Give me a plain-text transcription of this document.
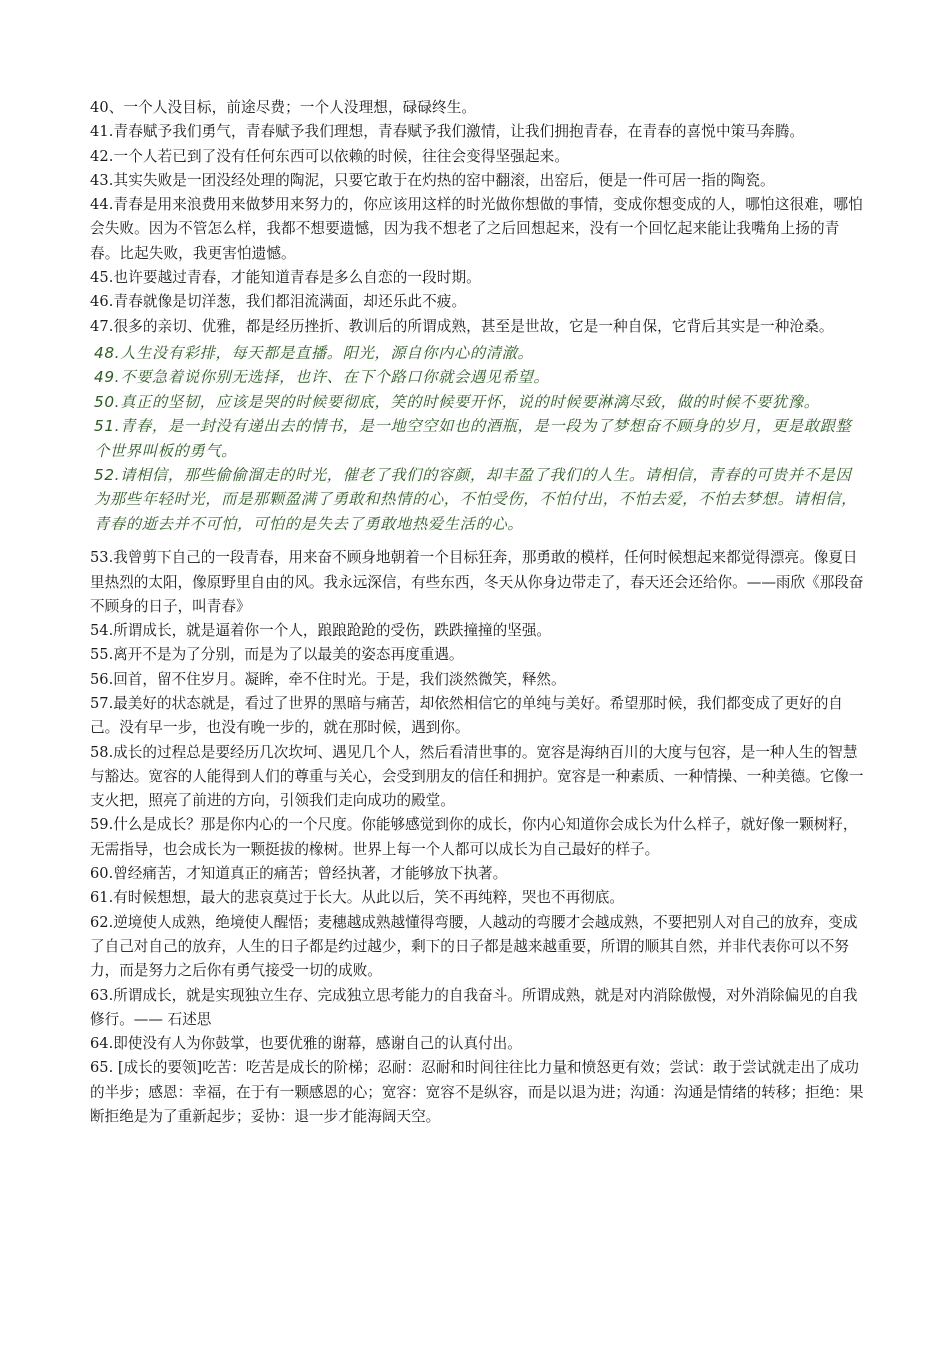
40、一个人没目标，前途尽费；一个人没理想，碌碌终生。

41.青春赋予我们勇气，青春赋予我们理想，青春赋予我们激情，让我们拥抱青春，在青春的喜悦中策马奔腾。

42.一个人若已到了没有任何东西可以依赖的时候，往往会变得坚强起来。

43.其实失败是一团没经处理的陶泥，只要它敢于在灼热的窑中翻滚，出窑后，便是一件可居一指的陶瓷。

44.青春是用来浪费用来做梦用来努力的，你应该用这样的时光做你想做的事情，变成你想变成的人，哪怕这很难，哪怕会失败。因为不管怎么样，我都不想要遗憾，因为我不想老了之后回想起来，没有一个回忆起来能让我嘴角上扬的青春。比起失败，我更害怕遗憾。

45.也许要越过青春，才能知道青春是多么自恋的一段时期。

46.青春就像是切洋葱，我们都泪流满面，却还乐此不疲。

47.很多的亲切、优雅，都是经历挫折、教训后的所谓成熟，甚至是世故，它是一种自保，它背后其实是一种沧桑。

48.人生没有彩排，每天都是直播。阳光，源自你内心的清澈。

49.不要急着说你别无选择，也许、在下个路口你就会遇见希望。

50.真正的坚韧，应该是哭的时候要彻底，笑的时候要开怀，说的时候要淋漓尽致，做的时候不要犹豫。

51.青春，是一封没有递出去的情书，是一地空空如也的酒瓶，是一段为了梦想奋不顾身的岁月，更是敢跟整个世界叫板的勇气。

52.请相信，那些偷偷溜走的时光，催老了我们的容颜，却丰盈了我们的人生。请相信，青春的可贵并不是因为那些年轻时光，而是那颗盈满了勇敢和热情的心，不怕受伤，不怕付出，不怕去爱，不怕去梦想。请相信，青春的逝去并不可怕，可怕的是失去了勇敢地热爱生活的心。

53.我曾剪下自己的一段青春，用来奋不顾身地朝着一个目标狂奔，那勇敢的模样，任何时候想起来都觉得漂亮。像夏日里热烈的太阳，像原野里自由的风。我永远深信，有些东西，冬天从你身边带走了，春天还会还给你。——雨欣《那段奋不顾身的日子，叫青春》

54.所谓成长，就是逼着你一个人，踉踉跄跄的受伤，跌跌撞撞的坚强。

55.离开不是为了分别，而是为了以最美的姿态再度重遇。

56.回首，留不住岁月。凝眸，牵不住时光。于是，我们淡然微笑，释然。

57.最美好的状态就是，看过了世界的黑暗与痛苦，却依然相信它的单纯与美好。希望那时候，我们都变成了更好的自己。没有早一步，也没有晚一步的，就在那时候，遇到你。

58.成长的过程总是要经历几次坎坷、遇见几个人，然后看清世事的。宽容是海纳百川的大度与包容，是一种人生的智慧与豁达。宽容的人能得到人们的尊重与关心，会受到朋友的信任和拥护。宽容是一种素质、一种情操、一种美德。它像一支火把，照亮了前进的方向，引领我们走向成功的殿堂。

59.什么是成长？那是你内心的一个尺度。你能够感觉到你的成长，你内心知道你会成长为什么样子，就好像一颗树籽，无需指导，也会成长为一颗挺拔的橡树。世界上每一个人都可以成长为自己最好的样子。

60.曾经痛苦，才知道真正的痛苦；曾经执著，才能够放下执著。

61.有时候想想，最大的悲哀莫过于长大。从此以后，笑不再纯粹，哭也不再彻底。

62.逆境使人成熟，绝境使人醒悟；麦穗越成熟越懂得弯腰，人越动的弯腰才会越成熟，不要把别人对自己的放弃，变成了自己对自己的放弃，人生的日子都是约过越少，剩下的日子都是越来越重要，所谓的顺其自然，并非代表你可以不努力，而是努力之后你有勇气接受一切的成败。

63.所谓成长，就是实现独立生存、完成独立思考能力的自我奋斗。所谓成熟，就是对内消除傲慢，对外消除偏见的自我修行。—— 石述思

64.即使没有人为你鼓掌，也要优雅的谢幕，感谢自己的认真付出。

65. [成长的要领]吃苦：吃苦是成长的阶梯；忍耐：忍耐和时间往往比力量和愤怒更有效；尝试：敢于尝试就走出了成功的半步；感恩：幸福，在于有一颗感恩的心；宽容：宽容不是纵容，而是以退为进；沟通：沟通是情绪的转移；拒绝：果断拒绝是为了重新起步；妥协：退一步才能海阔天空。
